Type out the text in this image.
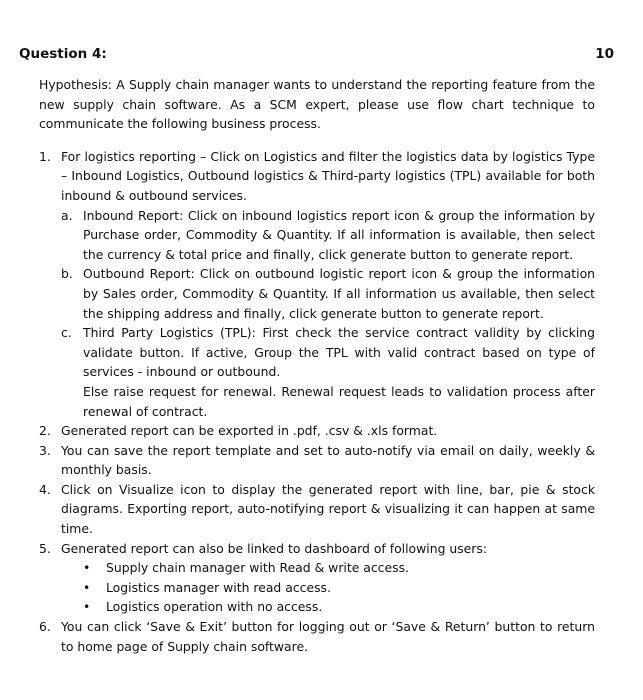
Question 4:	10

Hypothesis: A Supply chain manager wants to understand the reporting feature from the new supply chain software. As a SCM expert, please use flow chart technique to communicate the following business process.

1. For logistics reporting – Click on Logistics and filter the logistics data by logistics Type – Inbound Logistics, Outbound logistics & Third-party logistics (TPL) available for both inbound & outbound services.

a. Inbound Report: Click on inbound logistics report icon & group the information by Purchase order, Commodity & Quantity. If all information is available, then select the currency & total price and finally, click generate button to generate report.

b. Outbound Report: Click on outbound logistic report icon & group the information by Sales order, Commodity & Quantity. If all information us available, then select the shipping address and finally, click generate button to generate report.

c. Third Party Logistics (TPL): First check the service contract validity by clicking validate button. If active, Group the TPL with valid contract based on type of services - inbound or outbound.

Else raise request for renewal. Renewal request leads to validation process after renewal of contract.

2. Generated report can be exported in .pdf, .csv & .xls format.

3. You can save the report template and set to auto-notify via email on daily, weekly & monthly basis.

4. Click on Visualize icon to display the generated report with line, bar, pie & stock diagrams. Exporting report, auto-notifying report & visualizing it can happen at same time.

5. Generated report can also be linked to dashboard of following users:

• Supply chain manager with Read & write access.
• Logistics manager with read access.
• Logistics operation with no access.
6. You can click ‘Save & Exit’ button for logging out or ‘Save & Return’ button to return to home page of Supply chain software.
